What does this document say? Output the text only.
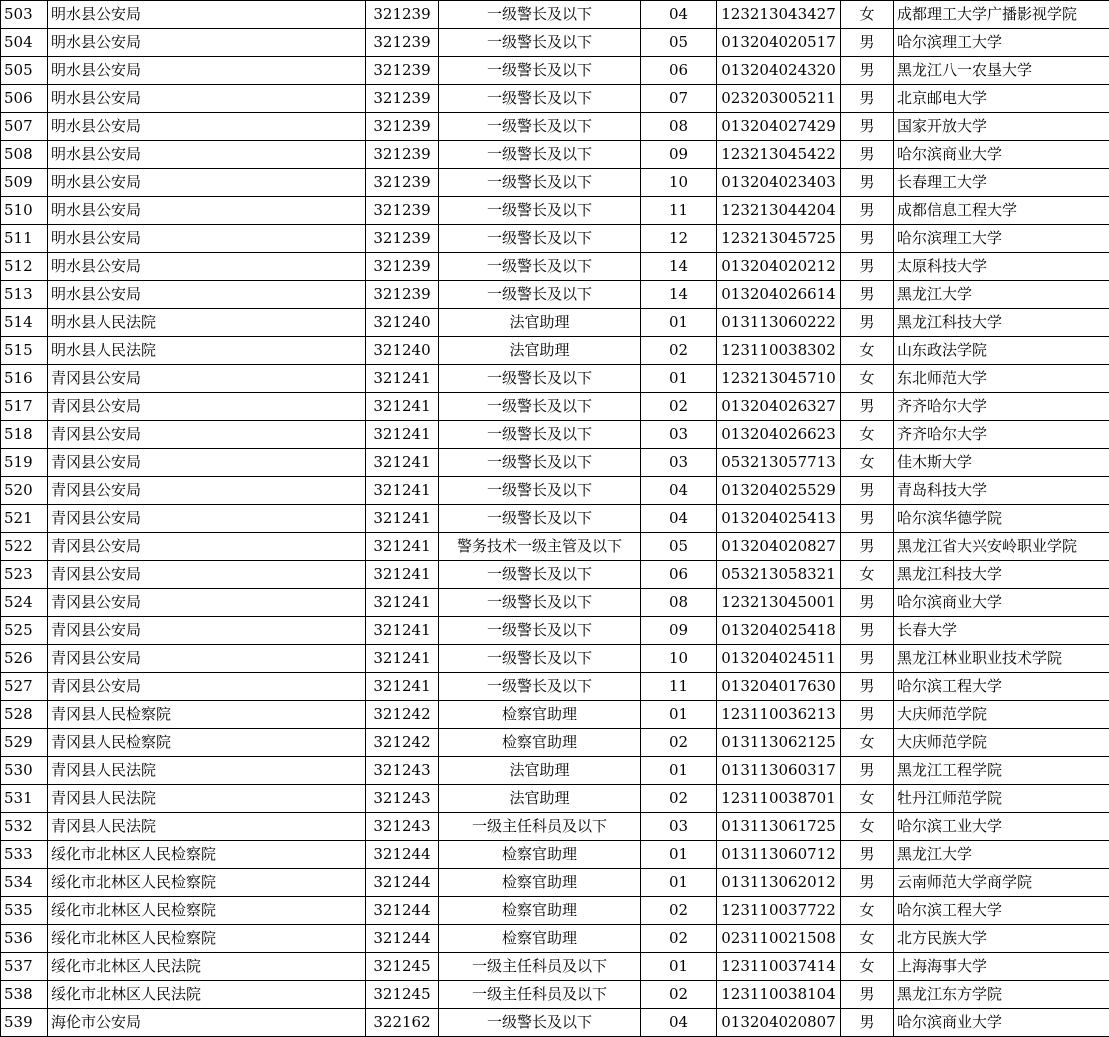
503	明水县公安局	321239	一级警长及以下	04	123213043427	女	成都理工大学广播影视学院
504	明水县公安局	321239	一级警长及以下	05	013204020517	男	哈尔滨理工大学
505	明水县公安局	321239	一级警长及以下	06	013204024320	男	黑龙江八一农垦大学
506	明水县公安局	321239	一级警长及以下	07	023203005211	男	北京邮电大学
507	明水县公安局	321239	一级警长及以下	08	013204027429	男	国家开放大学
508	明水县公安局	321239	一级警长及以下	09	123213045422	男	哈尔滨商业大学
509	明水县公安局	321239	一级警长及以下	10	013204023403	男	长春理工大学
510	明水县公安局	321239	一级警长及以下	11	123213044204	男	成都信息工程大学
511	明水县公安局	321239	一级警长及以下	12	123213045725	男	哈尔滨理工大学
512	明水县公安局	321239	一级警长及以下	14	013204020212	男	太原科技大学
513	明水县公安局	321239	一级警长及以下	14	013204026614	男	黑龙江大学
514	明水县人民法院	321240	法官助理	01	013113060222	男	黑龙江科技大学
515	明水县人民法院	321240	法官助理	02	123110038302	女	山东政法学院
516	青冈县公安局	321241	一级警长及以下	01	123213045710	女	东北师范大学
517	青冈县公安局	321241	一级警长及以下	02	013204026327	男	齐齐哈尔大学
518	青冈县公安局	321241	一级警长及以下	03	013204026623	女	齐齐哈尔大学
519	青冈县公安局	321241	一级警长及以下	03	053213057713	女	佳木斯大学
520	青冈县公安局	321241	一级警长及以下	04	013204025529	男	青岛科技大学
521	青冈县公安局	321241	一级警长及以下	04	013204025413	男	哈尔滨华德学院
522	青冈县公安局	321241	警务技术一级主管及以下	05	013204020827	男	黑龙江省大兴安岭职业学院
523	青冈县公安局	321241	一级警长及以下	06	053213058321	女	黑龙江科技大学
524	青冈县公安局	321241	一级警长及以下	08	123213045001	男	哈尔滨商业大学
525	青冈县公安局	321241	一级警长及以下	09	013204025418	男	长春大学
526	青冈县公安局	321241	一级警长及以下	10	013204024511	男	黑龙江林业职业技术学院
527	青冈县公安局	321241	一级警长及以下	11	013204017630	男	哈尔滨工程大学
528	青冈县人民检察院	321242	检察官助理	01	123110036213	男	大庆师范学院
529	青冈县人民检察院	321242	检察官助理	02	013113062125	女	大庆师范学院
530	青冈县人民法院	321243	法官助理	01	013113060317	男	黑龙江工程学院
531	青冈县人民法院	321243	法官助理	02	123110038701	女	牡丹江师范学院
532	青冈县人民法院	321243	一级主任科员及以下	03	013113061725	女	哈尔滨工业大学
533	绥化市北林区人民检察院	321244	检察官助理	01	013113060712	男	黑龙江大学
534	绥化市北林区人民检察院	321244	检察官助理	01	013113062012	男	云南师范大学商学院
535	绥化市北林区人民检察院	321244	检察官助理	02	123110037722	女	哈尔滨工程大学
536	绥化市北林区人民检察院	321244	检察官助理	02	023110021508	女	北方民族大学
537	绥化市北林区人民法院	321245	一级主任科员及以下	01	123110037414	女	上海海事大学
538	绥化市北林区人民法院	321245	一级主任科员及以下	02	123110038104	男	黑龙江东方学院
539	海伦市公安局	322162	一级警长及以下	04	013204020807	男	哈尔滨商业大学
